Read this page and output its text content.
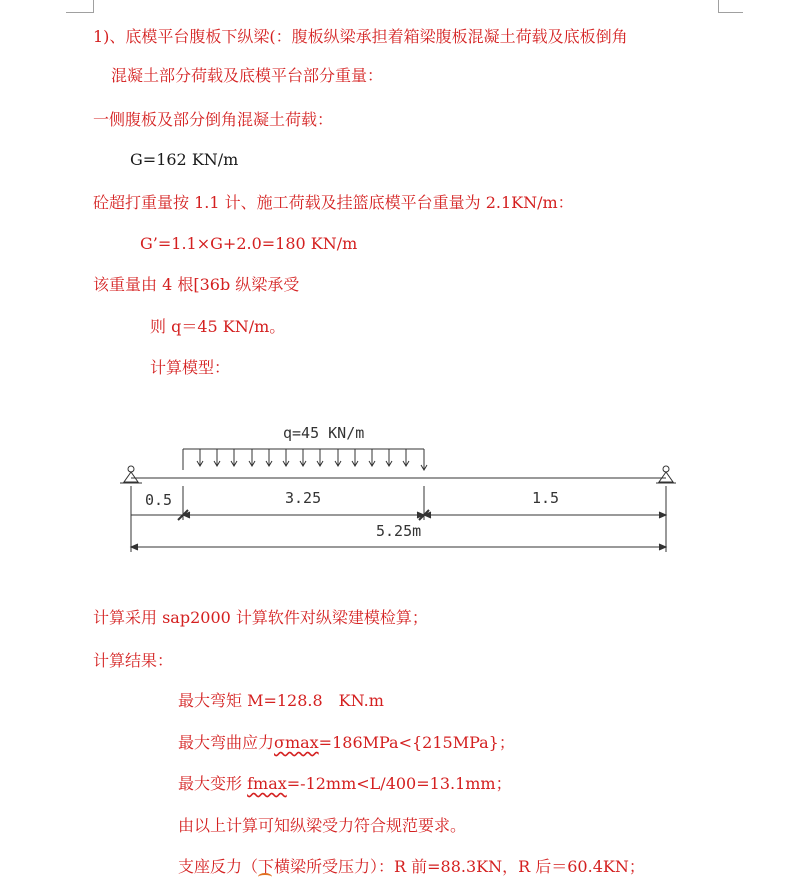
1)、底模平台腹板下纵梁(：腹板纵梁承担着箱梁腹板混凝土荷载及底板倒角
混凝土部分荷载及底模平台部分重量：
一侧腹板及部分倒角混凝土荷载：
G=162 KN/m
砼超打重量按 1.1 计、施工荷载及挂篮底模平台重量为 2.1KN/m：
G’=1.1×G+2.0=180 KN/m
该重量由 4 根[36b 纵梁承受
则 q＝45 KN/m。
计算模型：
q=45 KN/m
0.5	3.25	1.5
5.25m
计算采用 sap2000 计算软件对纵梁建模检算；
计算结果：
最大弯矩 M=128.8　KN.m
最大弯曲应力σmax=186MPa<{215MPa}；
最大变形 fmax=-12mm<L/400=13.1mm；
由以上计算可知纵梁受力符合规范要求。
支座反力（下横梁所受压力）：R 前=88.3KN，R 后＝60.4KN；
